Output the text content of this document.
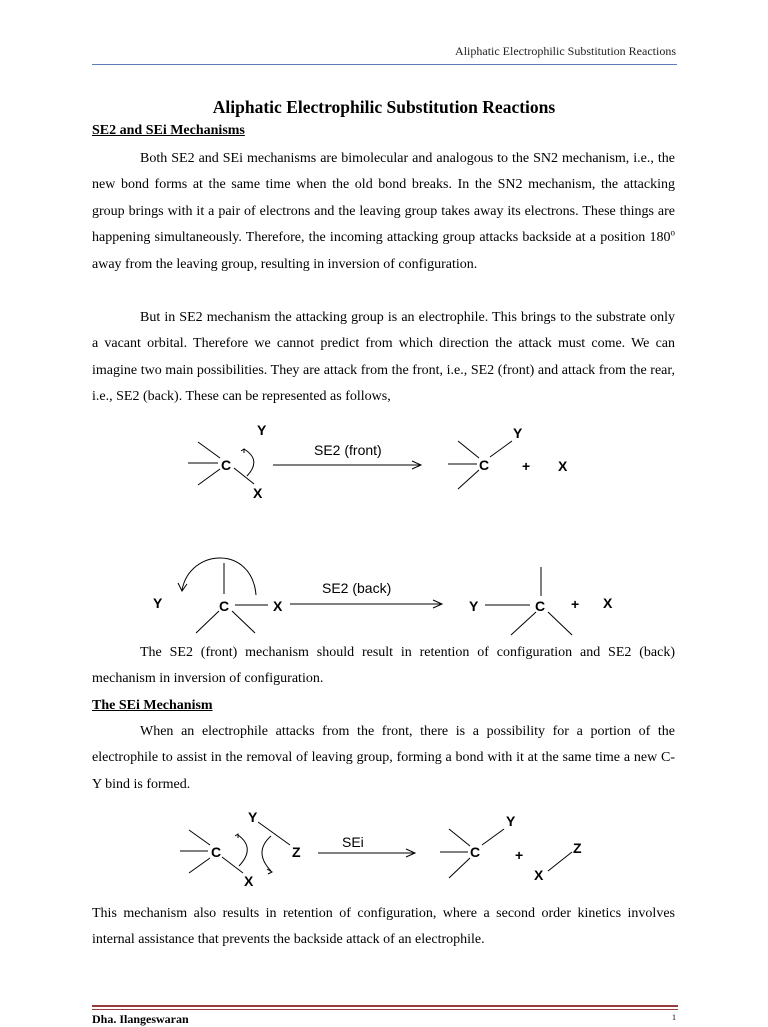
Aliphatic Electrophilic Substitution Reactions
Aliphatic Electrophilic Substitution Reactions
SE2 and SEi Mechanisms

Both SE2 and SEi mechanisms are bimolecular and analogous to the SN2 mechanism, i.e., the new bond forms at the same time when the old bond breaks. In the SN2 mechanism, the attacking group brings with it a pair of electrons and the leaving group takes away its electrons. These things are happening simultaneously. Therefore, the incoming attacking group attacks backside at a position 180$^o$ away from the leaving group, resulting in inversion of configuration.

But in SE2 mechanism the attacking group is an electrophile. This brings to the substrate only a vacant orbital. Therefore we cannot predict from which direction the attack must come. We can imagine two main possibilities. They are attack from the front, i.e., SE2 (front) and attack from the rear, i.e., SE2 (back). These can be represented as follows,

C
Y
X
SE2 (front)
C
Y
+ X
Y	C	X
SE2 (back)
Y	C + X

The SE2 (front) mechanism should result in retention of configuration and SE2 (back) mechanism in inversion of configuration.

The SEi Mechanism

When an electrophile attacks from the front, there is a possibility for a portion of the electrophile to assist in the removal of leaving group, forming a bond with it at the same time a new C-Y bind is formed.

C
Y
Z
X
SEi
C
Y
+
X
Z

This mechanism also results in retention of configuration, where a second order kinetics involves internal assistance that prevents the backside attack of an electrophile.

Dha. Ilangeswaran	1
